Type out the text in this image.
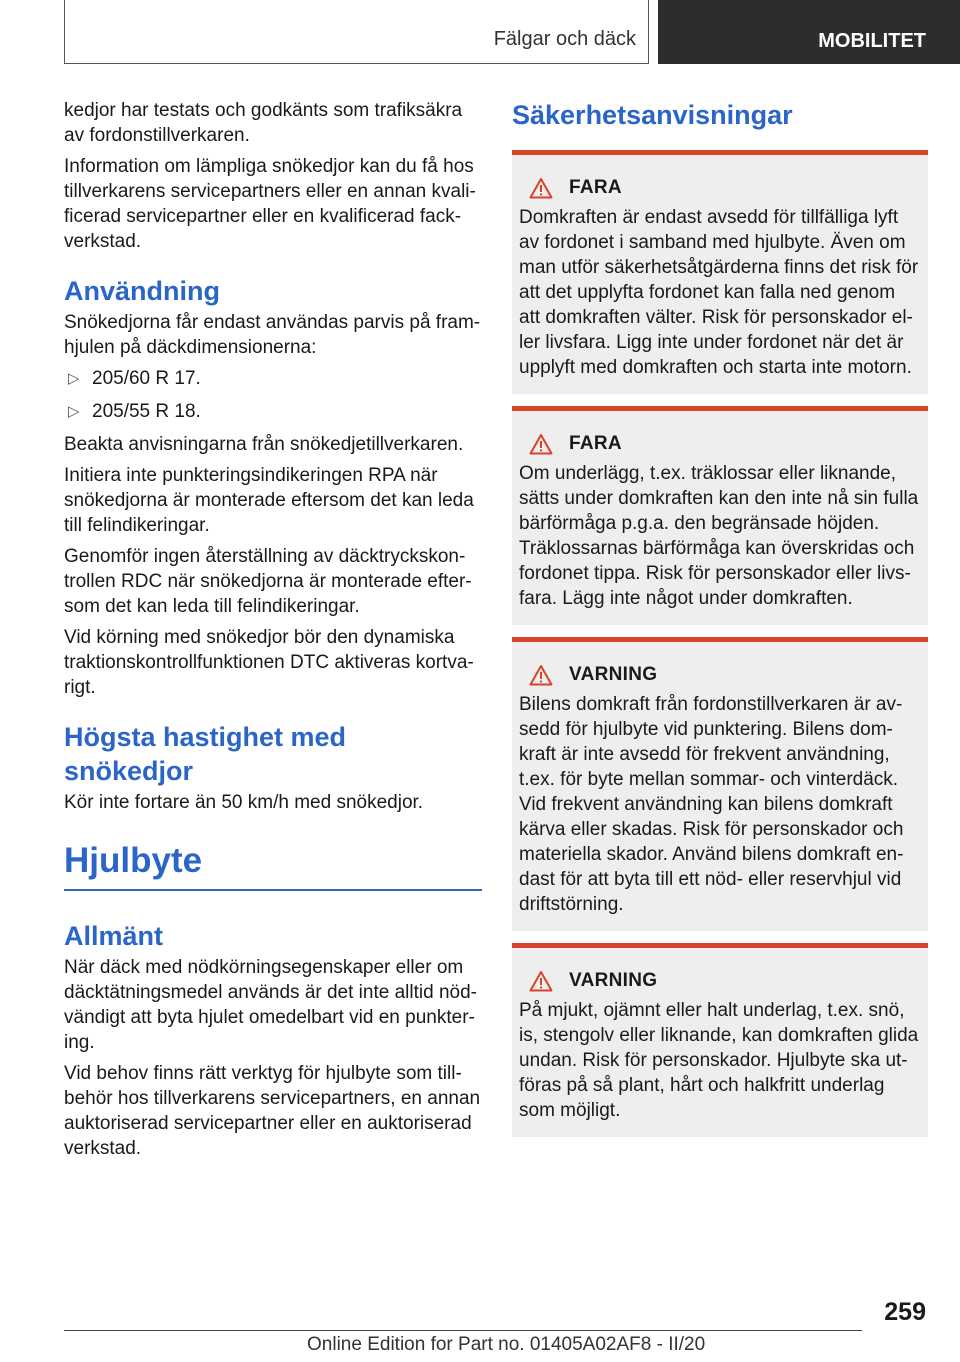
Fälgar och däck	MOBILITET

kedjor har testats och godkänts som trafiksäkra av fordonstillverkaren.

Information om lämpliga snökedjor kan du få hos tillverkarens servicepartners eller en annan kvali-ficerad servicepartner eller en kvalificerad fack-verkstad.

Användning

Snökedjorna får endast användas parvis på fram-hjulen på däckdimensionerna:

▷ 205/60 R 17.
▷ 205/55 R 18.

Beakta anvisningarna från snökedjetillverkaren.

Initiera inte punkteringsindikeringen RPA när snökedjorna är monterade eftersom det kan leda till felindikeringar.

Genomför ingen återställning av däcktryckskon-trollen RDC när snökedjorna är monterade efter-som det kan leda till felindikeringar.

Vid körning med snökedjor bör den dynamiska traktionskontrollfunktionen DTC aktiveras kortva-rigt.

Högsta hastighet med snökedjor

Kör inte fortare än 50 km/h med snökedjor.

Hjulbyte
Allmänt

När däck med nödkörningsegenskaper eller om däcktätningsmedel används är det inte alltid nöd-vändigt att byta hjulet omedelbart vid en punkter-ing.

Vid behov finns rätt verktyg för hjulbyte som till-behör hos tillverkarens servicepartners, en annan auktoriserad servicepartner eller en auktoriserad verkstad.

Säkerhetsanvisningar
FARA

Domkraften är endast avsedd för tillfälliga lyft av fordonet i samband med hjulbyte. Även om man utför säkerhetsåtgärderna finns det risk för att det upplyfta fordonet kan falla ned genom att domkraften välter. Risk för personskador el-ler livsfara. Ligg inte under fordonet när det är upplyft med domkraften och starta inte motorn.

FARA

Om underlägg, t.ex. träklossar eller liknande, sätts under domkraften kan den inte nå sin fulla bärförmåga p.g.a. den begränsade höjden. Träklossarnas bärförmåga kan överskridas och fordonet tippa. Risk för personskador eller livs-fara. Lägg inte något under domkraften.

VARNING

Bilens domkraft från fordonstillverkaren är av-sedd för hjulbyte vid punktering. Bilens dom-kraft är inte avsedd för frekvent användning, t.ex. för byte mellan sommar- och vinterdäck. Vid frekvent användning kan bilens domkraft kärva eller skadas. Risk för personskador och materiella skador. Använd bilens domkraft en-dast för att byta till ett nöd- eller reservhjul vid driftstörning.

VARNING

På mjukt, ojämnt eller halt underlag, t.ex. snö, is, stengolv eller liknande, kan domkraften glida undan. Risk för personskador. Hjulbyte ska ut-föras på så plant, hårt och halkfritt underlag som möjligt.

259
Online Edition for Part no. 01405A02AF8 - II/20
